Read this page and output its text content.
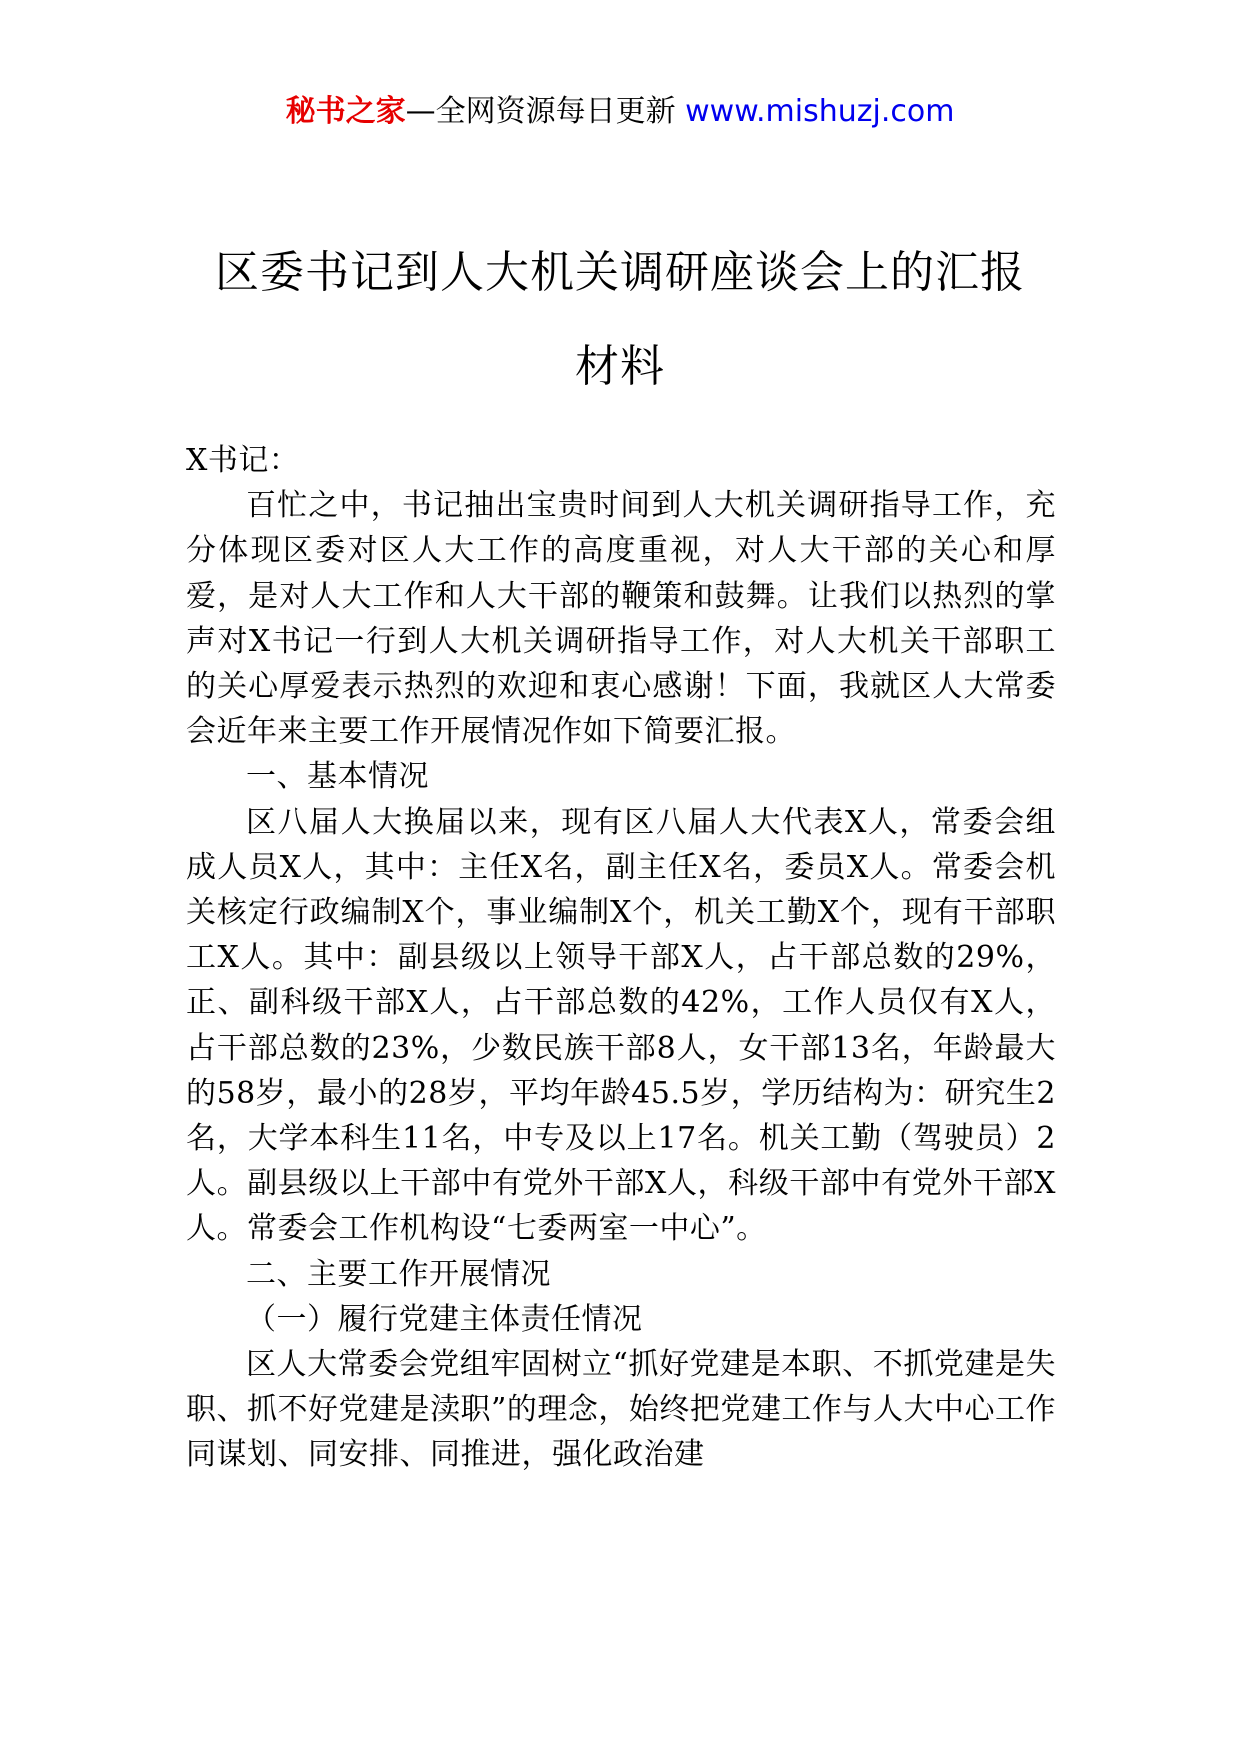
秘书之家—全网资源每日更新 www.mishuzj.com
区委书记到人大机关调研座谈会上的汇报
材料

X书记：

百忙之中，书记抽出宝贵时间到人大机关调研指导工作，充分体现区委对区人大工作的高度重视，对人大干部的关心和厚爱，是对人大工作和人大干部的鞭策和鼓舞。让我们以热烈的掌声对X书记一行到人大机关调研指导工作，对人大机关干部职工的关心厚爱表示热烈的欢迎和衷心感谢！下面，我就区人大常委会近年来主要工作开展情况作如下简要汇报。

一、基本情况

区八届人大换届以来，现有区八届人大代表X人，常委会组成人员X人，其中：主任X名，副主任X名，委员X人。常委会机关核定行政编制X个，事业编制X个，机关工勤X个，现有干部职工X人。其中：副县级以上领导干部X人，占干部总数的29%，正、副科级干部X人，占干部总数的42%，工作人员仅有X人，占干部总数的23%，少数民族干部8人，女干部13名，年龄最大的58岁，最小的28岁，平均年龄45.5岁，学历结构为：研究生2名，大学本科生11名，中专及以上17名。机关工勤（驾驶员）2人。副县级以上干部中有党外干部X人，科级干部中有党外干部X人。常委会工作机构设“七委两室一中心”。

二、主要工作开展情况

（一）履行党建主体责任情况

区人大常委会党组牢固树立“抓好党建是本职、不抓党建是失职、抓不好党建是渎职”的理念，始终把党建工作与人大中心工作同谋划、同安排、同推进，强化政治建
